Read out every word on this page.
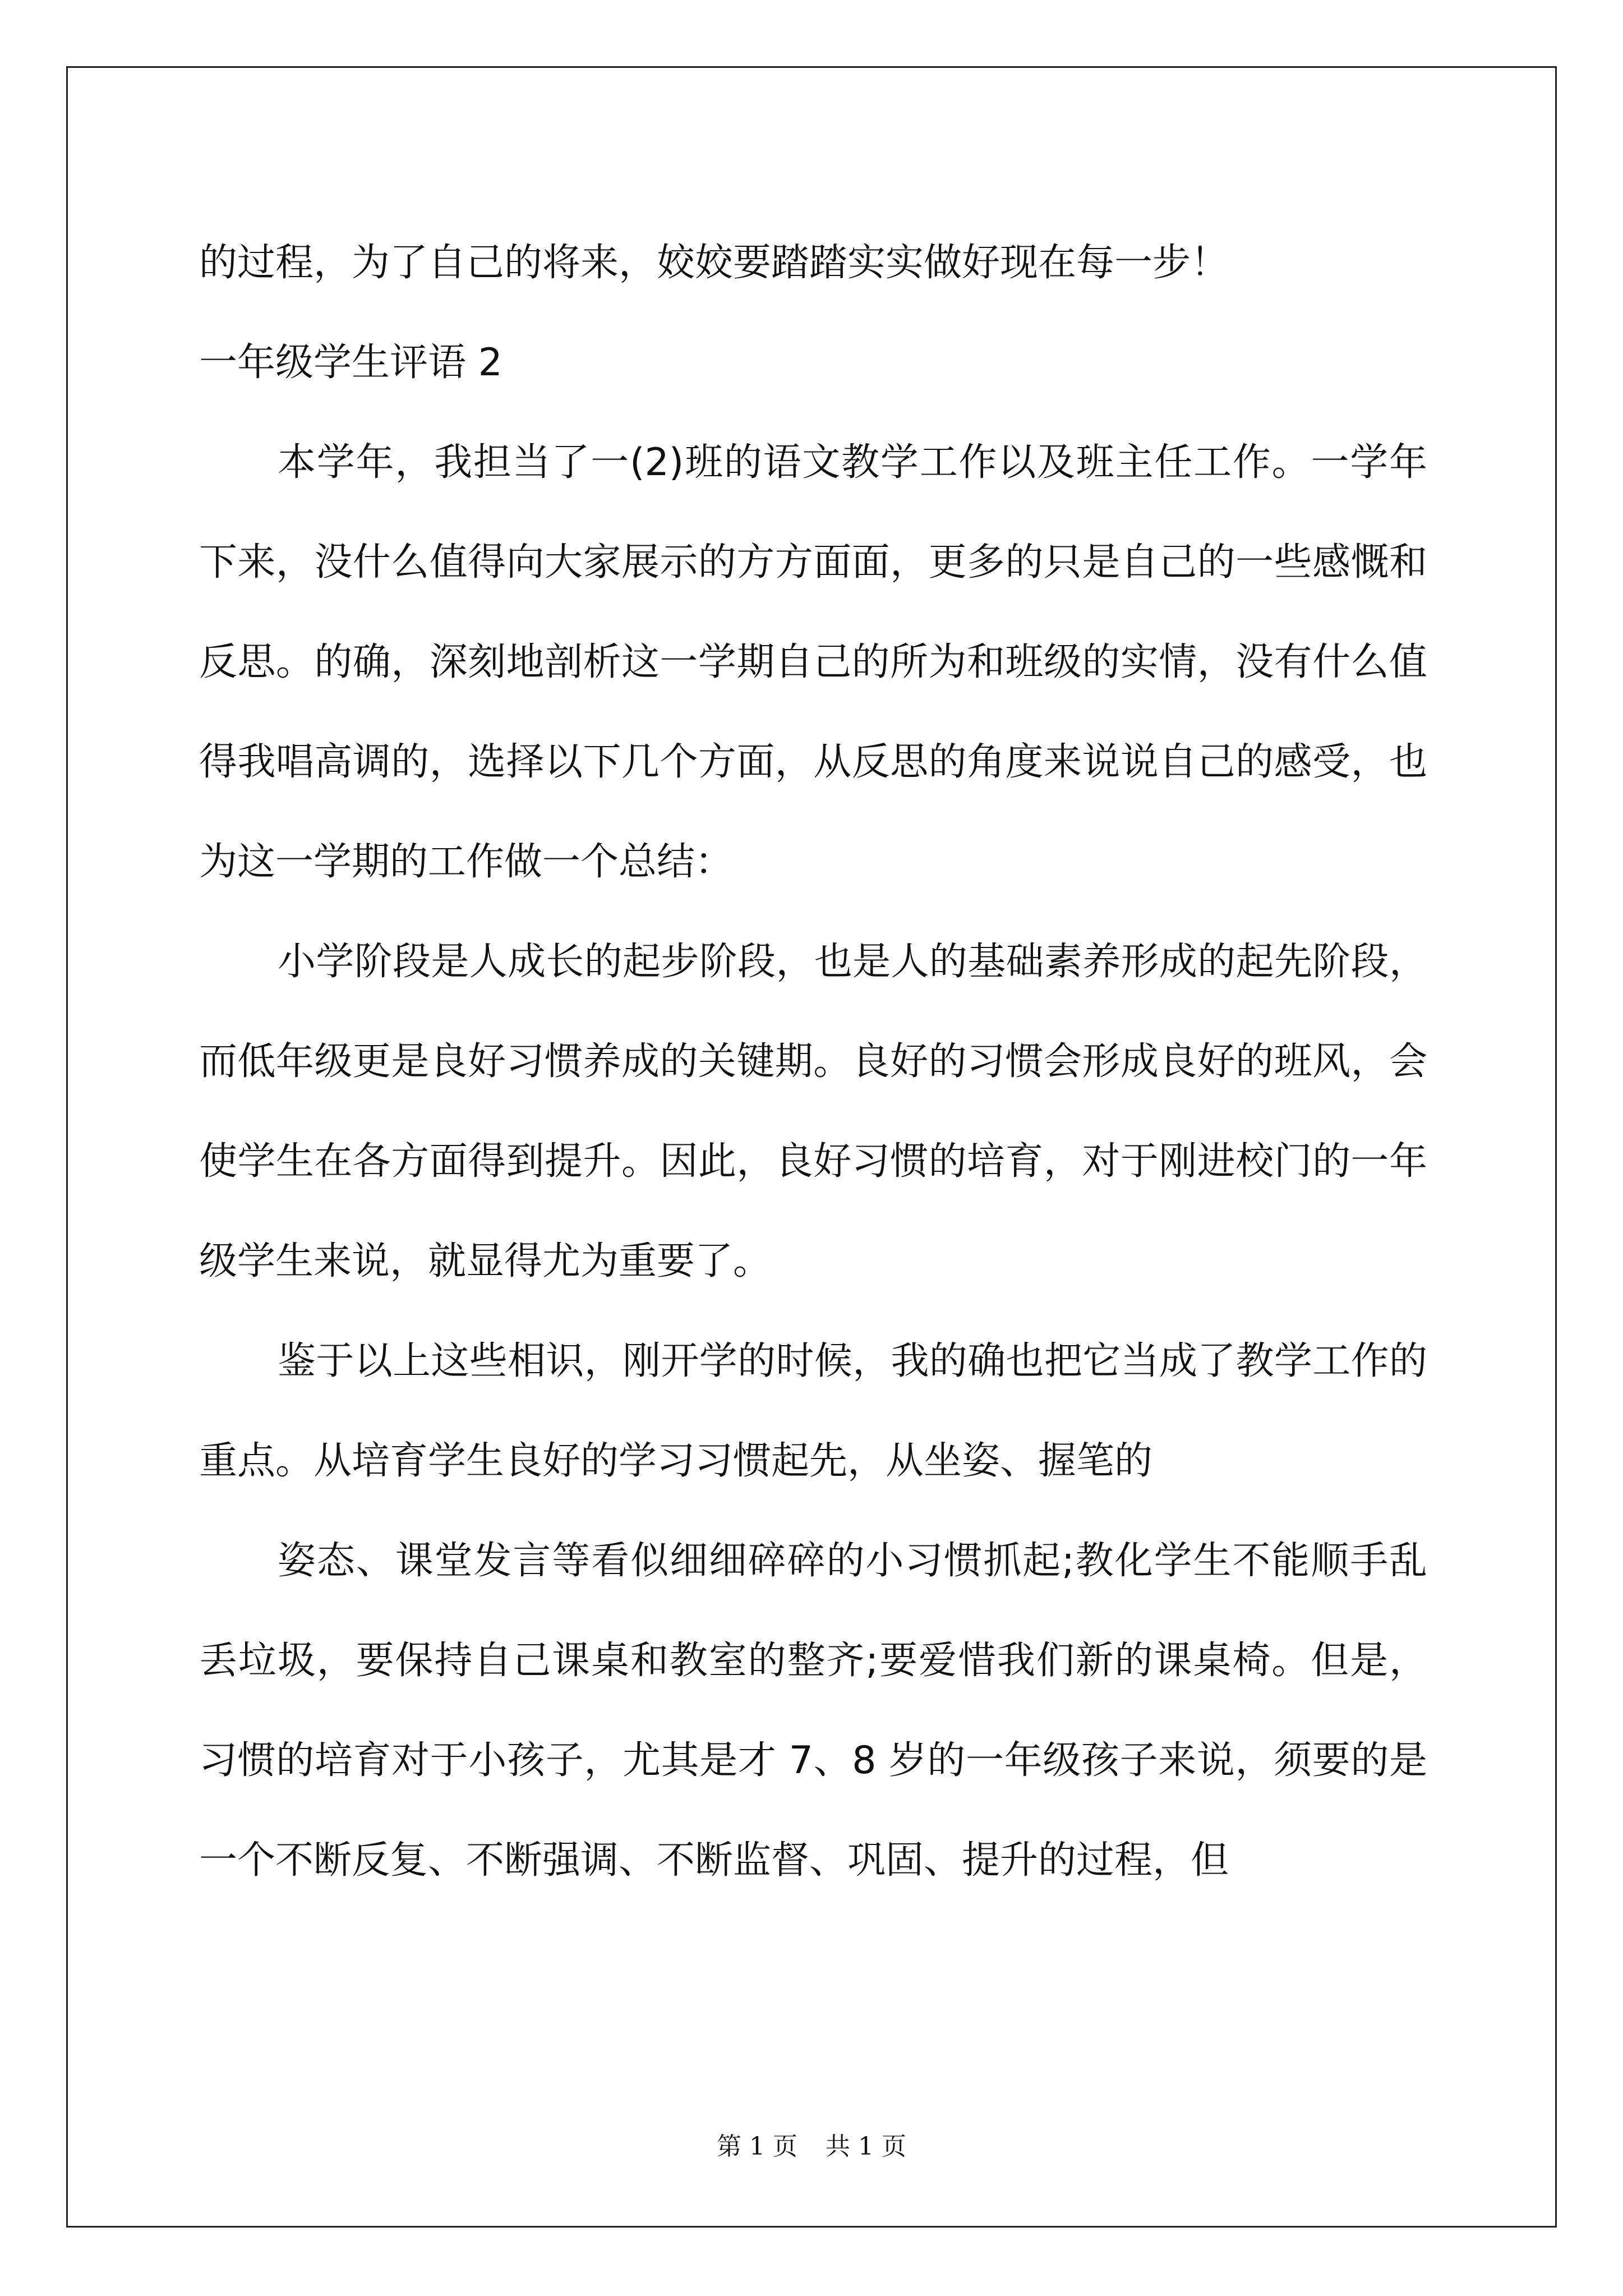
的过程，为了自己的将来，姣姣要踏踏实实做好现在每一步！

一年级学生评语 2

本学年，我担当了一(2)班的语文教学工作以及班主任工作。一学年下来，没什么值得向大家展示的方方面面，更多的只是自己的一些感慨和反思。的确，深刻地剖析这一学期自己的所为和班级的实情，没有什么值得我唱高调的，选择以下几个方面，从反思的角度来说说自己的感受，也为这一学期的工作做一个总结：

小学阶段是人成长的起步阶段，也是人的基础素养形成的起先阶段，而低年级更是良好习惯养成的关键期。良好的习惯会形成良好的班风，会使学生在各方面得到提升。因此，良好习惯的培育，对于刚进校门的一年级学生来说，就显得尤为重要了。

鉴于以上这些相识，刚开学的时候，我的确也把它当成了教学工作的重点。从培育学生良好的学习习惯起先，从坐姿、握笔的

姿态、课堂发言等看似细细碎碎的小习惯抓起;教化学生不能顺手乱丢垃圾，要保持自己课桌和教室的整齐;要爱惜我们新的课桌椅。但是，习惯的培育对于小孩子，尤其是才 7、8 岁的一年级孩子来说，须要的是一个不断反复、不断强调、不断监督、巩固、提升的过程，但

第 1 页 共 1 页
